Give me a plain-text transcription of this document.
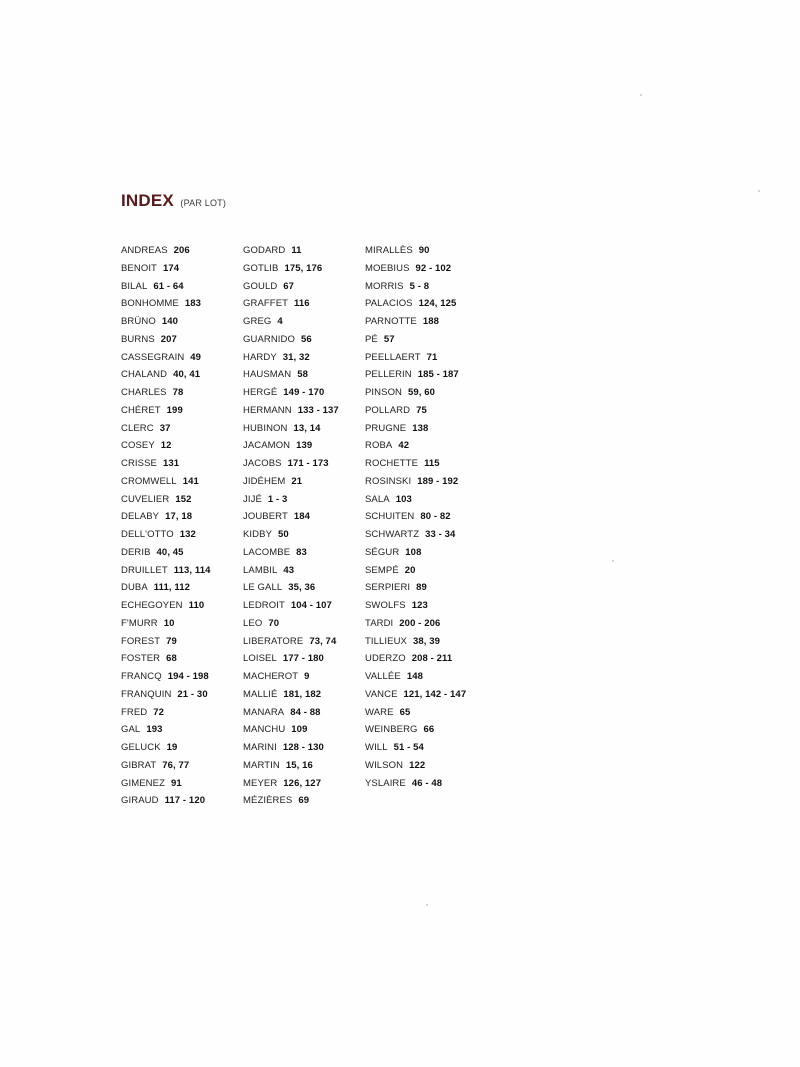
INDEX (PAR LOT)
ANDREAS 206
BENOIT 174
BILAL 61 - 64
BONHOMME 183
BRÜNO 140
BURNS 207
CASSEGRAIN 49
CHALAND 40, 41
CHARLES 78
CHÉRET 199
CLERC 37
COSEY 12
CRISSE 131
CROMWELL 141
CUVELIER 152
DELABY 17, 18
DELL'OTTO 132
DERIB 40, 45
DRUILLET 113, 114
DUBA 111, 112
ECHEGOYEN 110
F'MURR 10
FOREST 79
FOSTER 68
FRANCQ 194 - 198
FRANQUIN 21 - 30
FRED 72
GAL 193
GELUCK 19
GIBRAT 76, 77
GIMENEZ 91
GIRAUD 117 - 120
GODARD 11
GOTLIB 175, 176
GOULD 67
GRAFFET 116
GREG 4
GUARNIDO 56
HARDY 31, 32
HAUSMAN 58
HERGÉ 149 - 170
HERMANN 133 - 137
HUBINON 13, 14
JACAMON 139
JACOBS 171 - 173
JIDÉHEM 21
JIJÉ 1 - 3
JOUBERT 184
KIDBY 50
LACOMBE 83
LAMBIL 43
LE GALL 35, 36
LEDROIT 104 - 107
LEO 70
LIBERATORE 73, 74
LOISEL 177 - 180
MACHEROT 9
MALLIÉ 181, 182
MANARA 84 - 88
MANCHU 109
MARINI 128 - 130
MARTIN 15, 16
MEYER 126, 127
MÉZIÈRES 69
MIRALLÈS 90
MOEBIUS 92 - 102
MORRIS 5 - 8
PALACIOS 124, 125
PARNOTTE 188
PÉ 57
PEELLAERT 71
PELLERIN 185 - 187
PINSON 59, 60
POLLARD 75
PRUGNE 138
ROBA 42
ROCHETTE 115
ROSINSKI 189 - 192
SALA 103
SCHUITEN 80 - 82
SCHWARTZ 33 - 34
SÉGUR 108
SEMPÉ 20
SERPIERI 89
SWOLFS 123
TARDI 200 - 206
TILLIEUX 38, 39
UDERZO 208 - 211
VALLÉE 148
VANCE 121, 142 - 147
WARE 65
WEINBERG 66
WILL 51 - 54
WILSON 122
YSLAIRE 46 - 48
